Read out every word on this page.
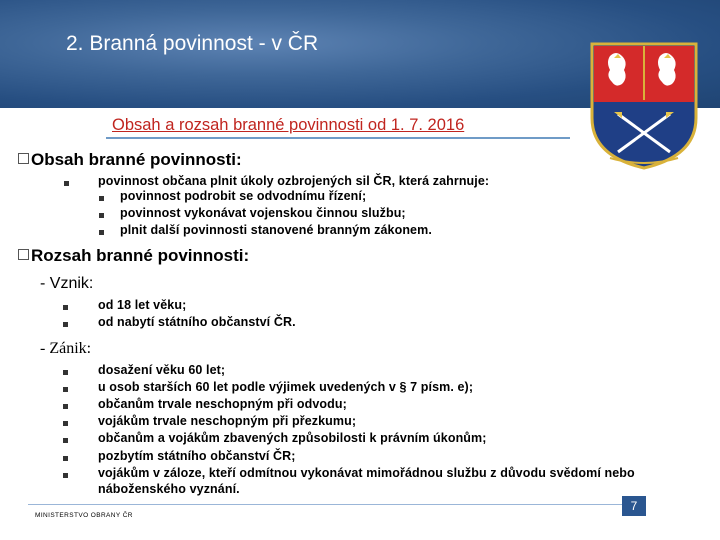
2. Branná povinnost - v ČR
Obsah a rozsah branné povinnosti od 1. 7. 2016
Obsah branné povinnosti:
povinnost občana plnit úkoly ozbrojených sil ČR, která zahrnuje:
povinnost podrobit se odvodnímu řízení;
povinnost vykonávat vojenskou činnou službu;
plnit další povinnosti stanovené branným zákonem.
Rozsah branné povinnosti:
- Vznik:
od 18 let věku;
od nabytí státního občanství ČR.
- Zánik:
dosažení věku 60 let;
u osob starších 60 let podle výjimek uvedených v § 7 písm. e);
občanům trvale neschopným při odvodu;
vojákům trvale neschopným při přezkumu;
občanům a vojákům zbavených způsobilosti k právním úkonům;
pozbytím státního občanství ČR;
vojákům v záloze, kteří odmítnou vykonávat mimořádnou službu z důvodu svědomí nebo
náboženského vyznání.
7
MINISTERSTVO OBRANY ČR
